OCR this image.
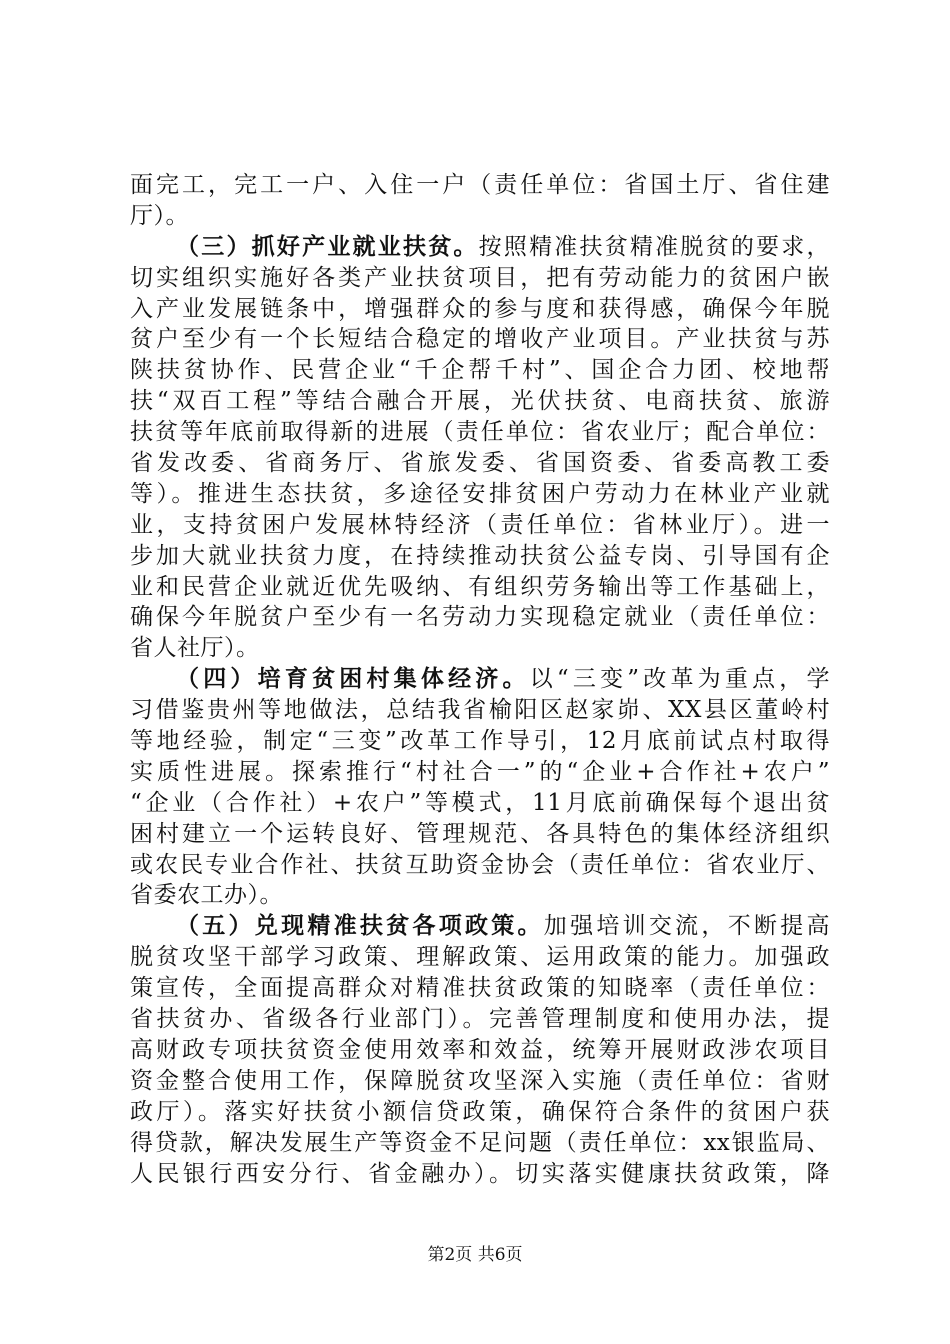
面完工，完工一户、入住一户（责任单位：省国土厅、省住建
厅）。
（三）抓好产业就业扶贫。按照精准扶贫精准脱贫的要求，
切实组织实施好各类产业扶贫项目，把有劳动能力的贫困户嵌
入产业发展链条中，增强群众的参与度和获得感，确保今年脱
贫户至少有一个长短结合稳定的增收产业项目。产业扶贫与苏
陕扶贫协作、民营企业“千企帮千村”、国企合力团、校地帮
扶“双百工程”等结合融合开展，光伏扶贫、电商扶贫、旅游
扶贫等年底前取得新的进展（责任单位：省农业厅；配合单位：
省发改委、省商务厅、省旅发委、省国资委、省委高教工委
等）。推进生态扶贫，多途径安排贫困户劳动力在林业产业就
业，支持贫困户发展林特经济（责任单位：省林业厅）。进一
步加大就业扶贫力度，在持续推动扶贫公益专岗、引导国有企
业和民营企业就近优先吸纳、有组织劳务输出等工作基础上，
确保今年脱贫户至少有一名劳动力实现稳定就业（责任单位：
省人社厅）。
（四）培育贫困村集体经济。以“三变”改革为重点，学
习借鉴贵州等地做法，总结我省榆阳区赵家峁、XX县区董岭村
等地经验，制定“三变”改革工作导引，12月底前试点村取得
实质性进展。探索推行“村社合一”的“企业+合作社+农户”
“企业（合作社）+农户”等模式，11月底前确保每个退出贫
困村建立一个运转良好、管理规范、各具特色的集体经济组织
或农民专业合作社、扶贫互助资金协会（责任单位：省农业厅、
省委农工办）。
（五）兑现精准扶贫各项政策。加强培训交流，不断提高
脱贫攻坚干部学习政策、理解政策、运用政策的能力。加强政
策宣传，全面提高群众对精准扶贫政策的知晓率（责任单位：
省扶贫办、省级各行业部门）。完善管理制度和使用办法，提
高财政专项扶贫资金使用效率和效益，统筹开展财政涉农项目
资金整合使用工作，保障脱贫攻坚深入实施（责任单位：省财
政厅）。落实好扶贫小额信贷政策，确保符合条件的贫困户获
得贷款，解决发展生产等资金不足问题（责任单位：xx银监局、
人民银行西安分行、省金融办）。切实落实健康扶贫政策，降
第2页 共6页
